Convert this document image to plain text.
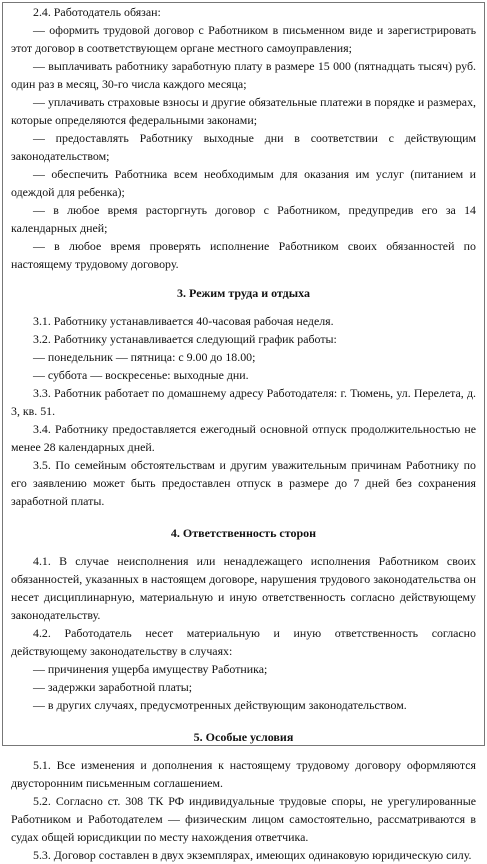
2.4. Работодатель обязан:

— оформить трудовой договор с Работником в письменном виде и зарегистрировать этот договор в соответствующем органе местного самоуправления;

— выплачивать работнику заработную плату в размере 15 000 (пятнадцать тысяч) руб. один раз в месяц, 30-го числа каждого месяца;

— уплачивать страховые взносы и другие обязательные платежи в порядке и размерах, которые определяются федеральными законами;

— предоставлять Работнику выходные дни в соответствии с действующим законодательством;

— обеспечить Работника всем необходимым для оказания им услуг (питанием и одеждой для ребенка);

— в любое время расторгнуть договор с Работником, предупредив его за 14 календарных дней;

— в любое время проверять исполнение Работником своих обязанностей по настоящему трудовому договору.

3. Режим труда и отдыха

3.1. Работнику устанавливается 40-часовая рабочая неделя.

3.2. Работнику устанавливается следующий график работы:

— понедельник — пятница: с 9.00 до 18.00;

— суббота — воскресенье: выходные дни.

3.3. Работник работает по домашнему адресу Работодателя: г. Тюмень, ул. Перелета, д. 3, кв. 51.

3.4. Работнику предоставляется ежегодный основной отпуск продолжительностью не менее 28 календарных дней.

3.5. По семейным обстоятельствам и другим уважительным причинам Работнику по его заявлению может быть предоставлен отпуск в размере до 7 дней без сохранения заработной платы.

4. Ответственность сторон

4.1. В случае неисполнения или ненадлежащего исполнения Работником своих обязанностей, указанных в настоящем договоре, нарушения трудового законодательства он несет дисциплинарную, материальную и иную ответственность согласно действующему законодательству.

4.2. Работодатель несет материальную и иную ответственность согласно действующему законодательству в случаях:

— причинения ущерба имуществу Работника;

— задержки заработной платы;

— в других случаях, предусмотренных действующим законодательством.

5. Особые условия

5.1. Все изменения и дополнения к настоящему трудовому договору оформляются двусторонним письменным соглашением.

5.2. Согласно ст. 308 ТК РФ индивидуальные трудовые споры, не урегулированные Работником и Работодателем — физическим лицом самостоятельно, рассматриваются в судах общей юрисдикции по месту нахождения ответчика.

5.3. Договор составлен в двух экземплярах, имеющих одинаковую юридическую силу.
